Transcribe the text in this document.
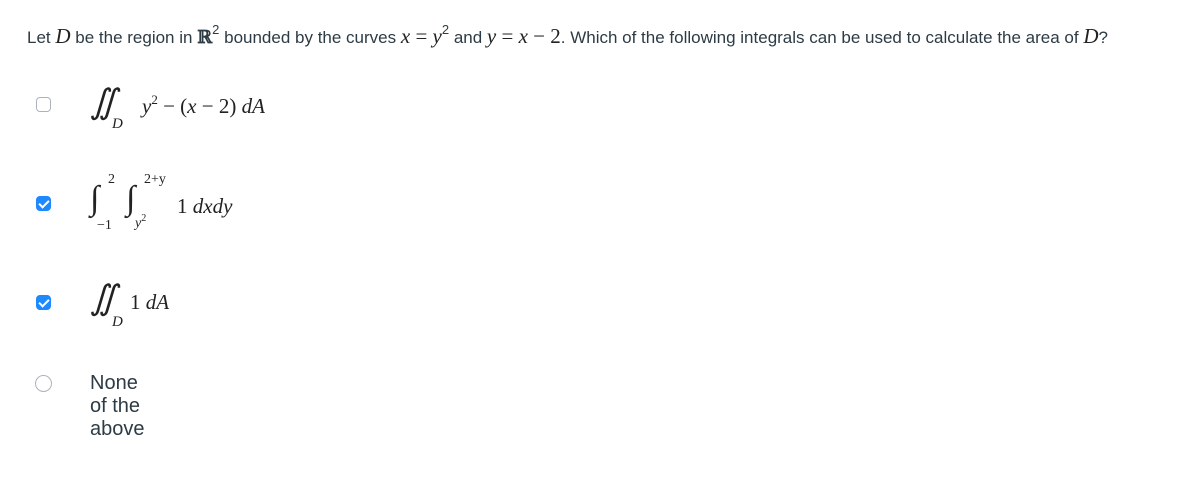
Let D be the region in ℝ$^2$ bounded by the curves $x = y^2$ and y = x − 2. Which of the following integrals can be used to calculate the area of D?
∬
D
$y^2 - (x - 2)$ dA
∫
2
−1
∫
2+y
$y^2$
1 dxdy
∬
D
1 dA
None of the above
